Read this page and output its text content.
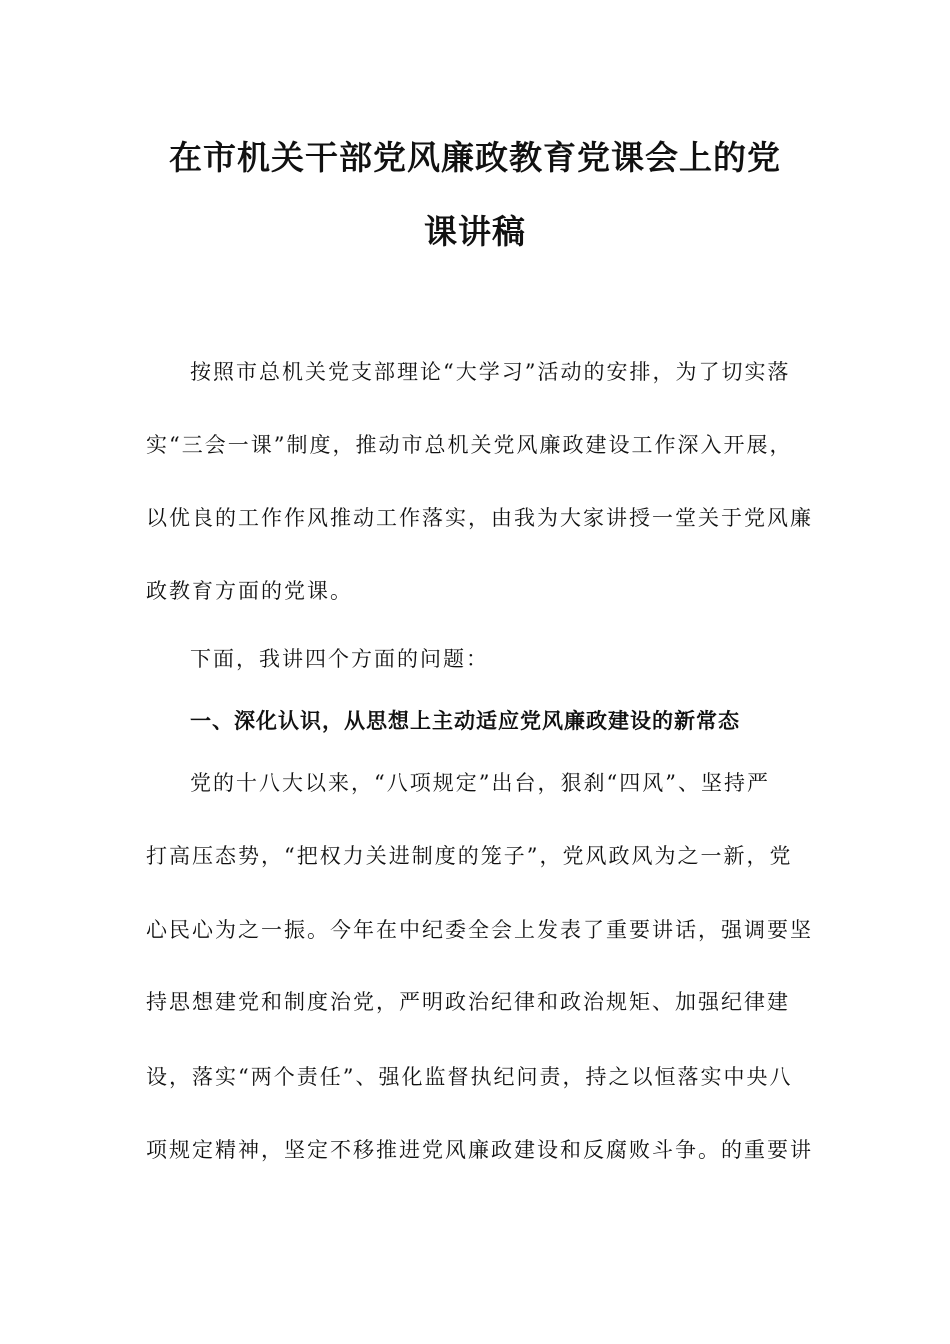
在市机关干部党风廉政教育党课会上的党
课讲稿
按照市总机关党支部理论“大学习”活动的安排，为了切实落
实“三会一课”制度，推动市总机关党风廉政建设工作深入开展，
以优良的工作作风推动工作落实，由我为大家讲授一堂关于党风廉
政教育方面的党课。
下面，我讲四个方面的问题：
一、深化认识，从思想上主动适应党风廉政建设的新常态
党的十八大以来，“八项规定”出台，狠刹“四风”、坚持严
打高压态势，“把权力关进制度的笼子”，党风政风为之一新，党
心民心为之一振。今年在中纪委全会上发表了重要讲话，强调要坚
持思想建党和制度治党，严明政治纪律和政治规矩、加强纪律建
设，落实“两个责任”、强化监督执纪问责，持之以恒落实中央八
项规定精神，坚定不移推进党风廉政建设和反腐败斗争。的重要讲
